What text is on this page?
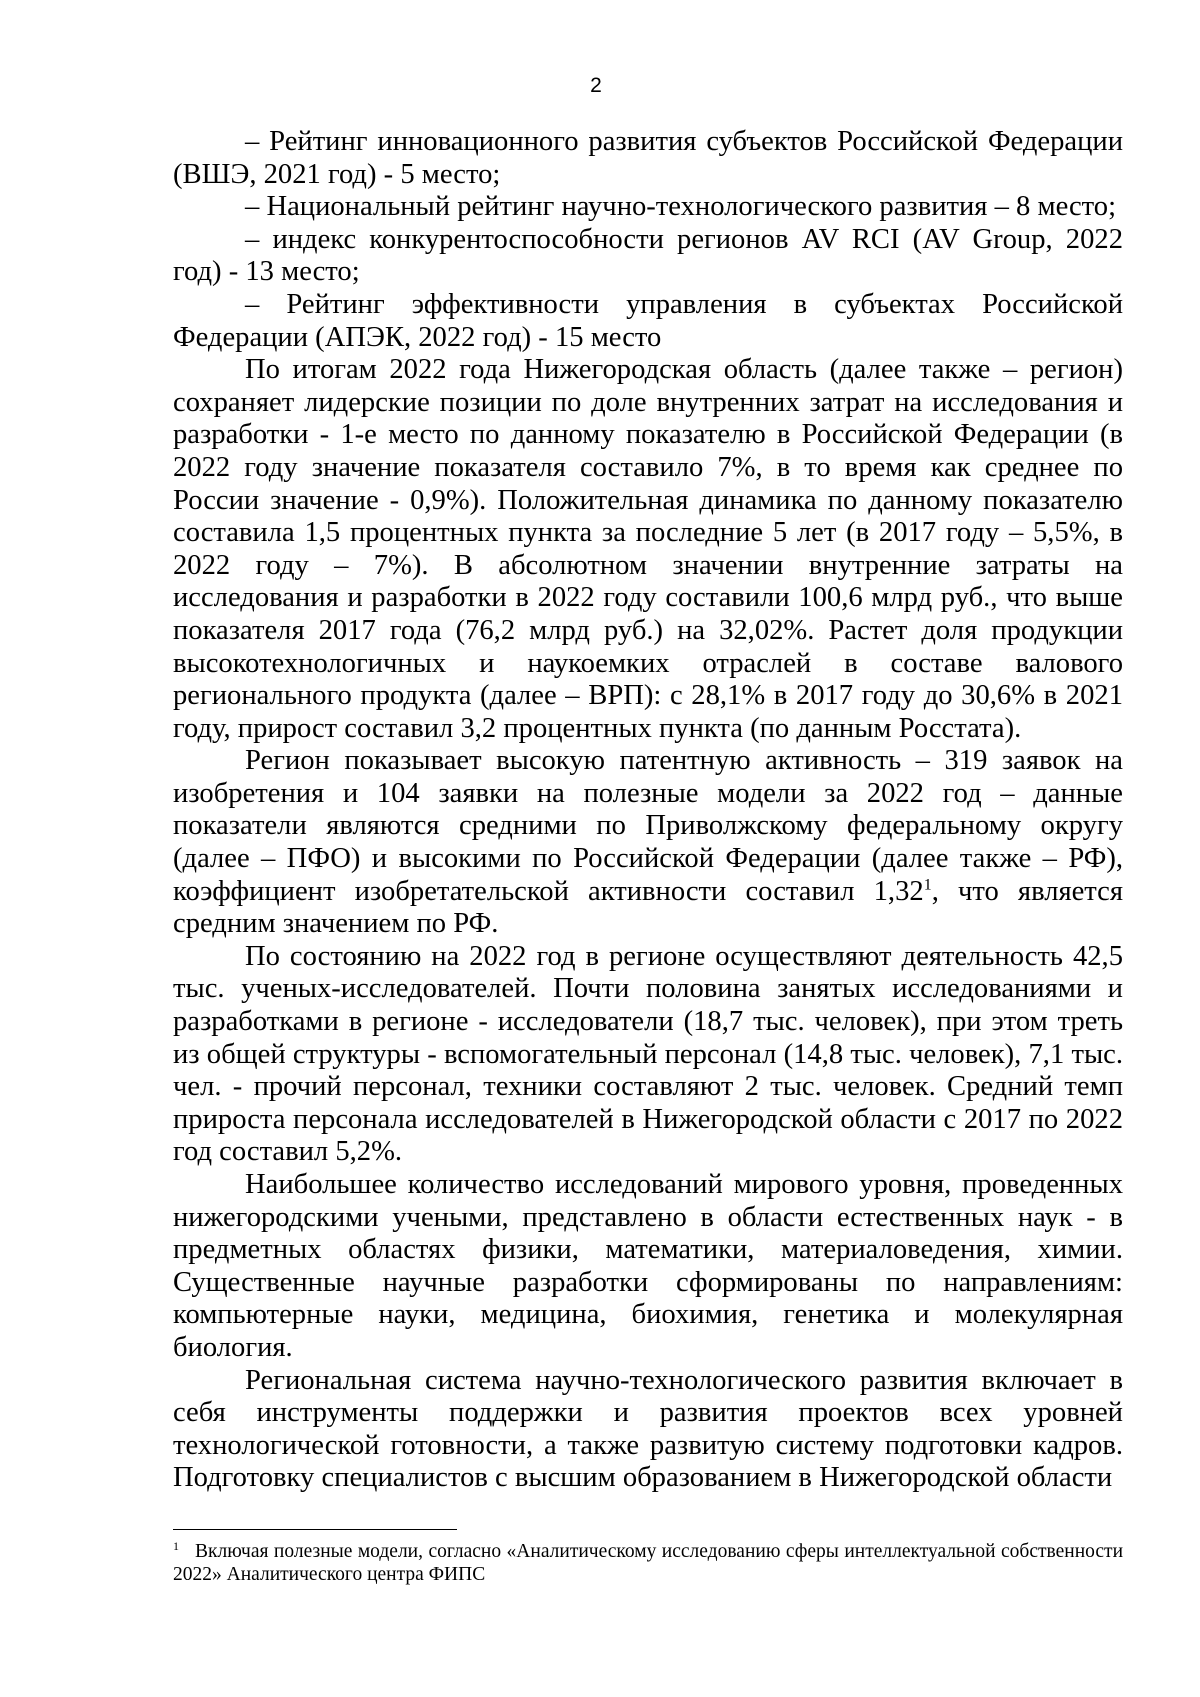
2

– Рейтинг инновационного развития субъектов Российской Федерации (ВШЭ, 2021 год) - 5 место;

– Национальный рейтинг научно-технологического развития – 8 место;

– индекс конкурентоспособности регионов AV RCI (AV Group, 2022 год) - 13 место;

– Рейтинг эффективности управления в субъектах Российской Федерации (АПЭК, 2022 год) - 15 место

По итогам 2022 года Нижегородская область (далее также – регион) сохраняет лидерские позиции по доле внутренних затрат на исследования и разработки - 1-е место по данному показателю в Российской Федерации (в 2022 году значение показателя составило 7%, в то время как среднее по России значение - 0,9%). Положительная динамика по данному показателю составила 1,5 процентных пункта за последние 5 лет (в 2017 году – 5,5%, в 2022 году – 7%). В абсолютном значении внутренние затраты на исследования и разработки в 2022 году составили 100,6 млрд руб., что выше показателя 2017 года (76,2 млрд руб.) на 32,02%. Растет доля продукции высокотехнологичных и наукоемких отраслей в составе валового регионального продукта (далее – ВРП): с 28,1% в 2017 году до 30,6% в 2021 году, прирост составил 3,2 процентных пункта (по данным Росстата).

Регион показывает высокую патентную активность – 319 заявок на изобретения и 104 заявки на полезные модели за 2022 год – данные показатели являются средними по Приволжскому федеральному округу (далее – ПФО) и высокими по Российской Федерации (далее также – РФ), коэффициент изобретательской активности составил 1,32$^1$, что является средним значением по РФ.

По состоянию на 2022 год в регионе осуществляют деятельность 42,5 тыс. ученых-исследователей. Почти половина занятых исследованиями и разработками в регионе - исследователи (18,7 тыс. человек), при этом треть из общей структуры - вспомогательный персонал (14,8 тыс. человек), 7,1 тыс. чел. - прочий персонал, техники составляют 2 тыс. человек. Средний темп прироста персонала исследователей в Нижегородской области с 2017 по 2022 год составил 5,2%.

Наибольшее количество исследований мирового уровня, проведенных нижегородскими учеными, представлено в области естественных наук - в предметных областях физики, математики, материаловедения, химии. Существенные научные разработки сформированы по направлениям: компьютерные науки, медицина, биохимия, генетика и молекулярная биология.

Региональная система научно-технологического развития включает в себя инструменты поддержки и развития проектов всех уровней технологической готовности, а также развитую систему подготовки кадров. Подготовку специалистов с высшим образованием в Нижегородской области

$^1$ Включая полезные модели, согласно «Аналитическому исследованию сферы интеллектуальной собственности 2022» Аналитического центра ФИПС
